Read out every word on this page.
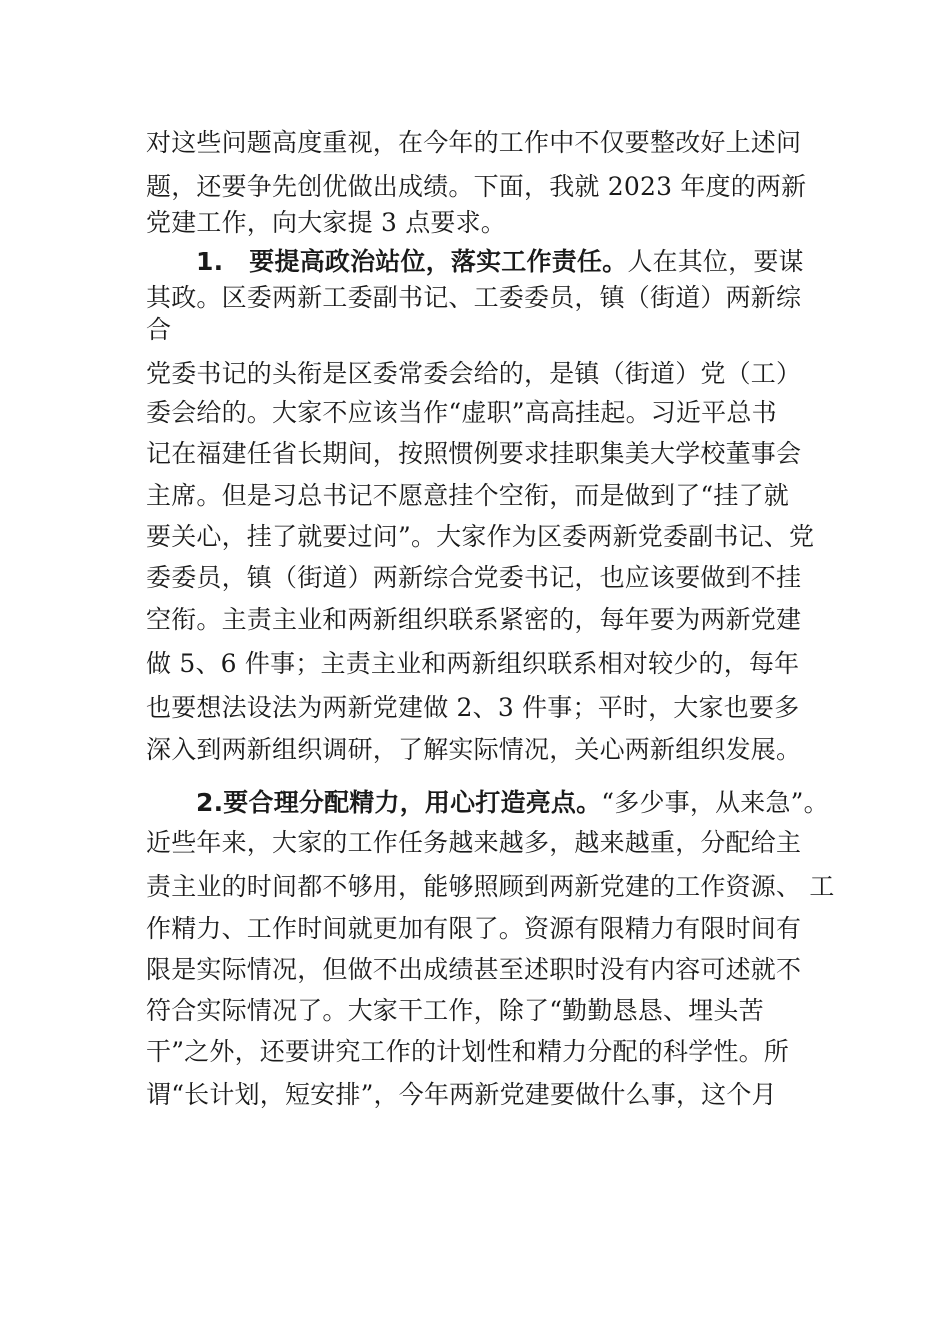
对这些问题高度重视，在今年的工作中不仅要整改好上述问
题，还要争先创优做出成绩。下面，我就 2023 年度的两新
党建工作，向大家提 3 点要求。
1. 要提高政治站位，落实工作责任。人在其位，要谋
其政。区委两新工委副书记、工委委员，镇（街道）两新综
合
党委书记的头衔是区委常委会给的，是镇（街道）党（工）
委会给的。大家不应该当作“虚职”高高挂起。习近平总书
记在福建任省长期间，按照惯例要求挂职集美大学校董事会
主席。但是习总书记不愿意挂个空衔，而是做到了“挂了就
要关心，挂了就要过问”。大家作为区委两新党委副书记、党
委委员，镇（街道）两新综合党委书记，也应该要做到不挂
空衔。主责主业和两新组织联系紧密的，每年要为两新党建
做 5、6 件事；主责主业和两新组织联系相对较少的，每年
也要想法设法为两新党建做 2、3 件事；平时，大家也要多
深入到两新组织调研，了解实际情况，关心两新组织发展。
2.要合理分配精力，用心打造亮点。“多少事，从来急”。
近些年来，大家的工作任务越来越多，越来越重，分配给主
责主业的时间都不够用，能够照顾到两新党建的工作资源、 工
作精力、工作时间就更加有限了。资源有限精力有限时间有
限是实际情况，但做不出成绩甚至述职时没有内容可述就不
符合实际情况了。大家干工作，除了“勤勤恳恳、埋头苦
干”之外，还要讲究工作的计划性和精力分配的科学性。所
谓“长计划，短安排”，今年两新党建要做什么事，这个月
